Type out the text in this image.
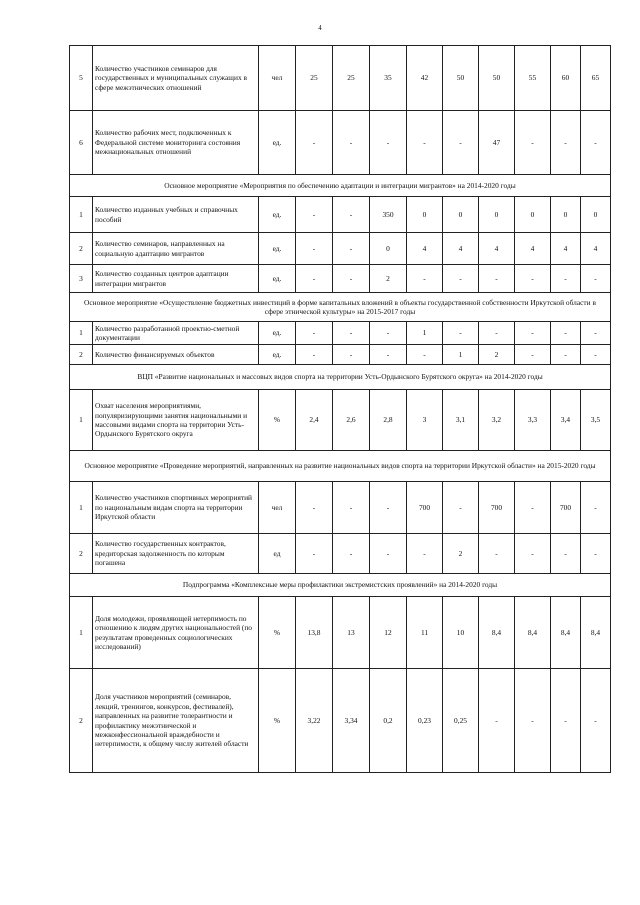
4
5	Количество участников семинаров для государственных и муниципальных служащих в сфере межэтнических отношений	чел	25	25	35	42	50	50	55	60	65
6	Количество рабочих мест, подключенных к Федеральной системе мониторинга состояния межнациональных отношений	ед.	-	-	-	-	-	47	-	-	-
Основное мероприятие «Мероприятия по обеспечению адаптации и интеграции мигрантов» на 2014-2020 годы											
1	Количество изданных учебных и справочных пособий	ед.	-	-	350	0	0	0	0	0	0
2	Количество семинаров, направленных на социальную адаптацию мигрантов	ед.	-	-	0	4	4	4	4	4	4
3	Количество созданных центров адаптации интеграции мигрантов	ед.	-	-	2	-	-	-	-	-	-
Основное мероприятие «Осуществление бюджетных инвестиций в форме капитальных вложений в объекты государственной собственности Иркутской области в сфере этнической культуры» на 2015-2017 годы											
1	Количество разработанной проектно-сметной документации	ед.	-	-	-	1	-	-	-	-	-
2	Количество финансируемых объектов	ед.	-	-	-	-	1	2	-	-	-
ВЦП «Развитие национальных и массовых видов спорта на территории Усть-Ордынского Бурятского округа» на 2014-2020 годы											
1	Охват населения мероприятиями, популяризирующими занятия национальными и массовыми видами спорта на территории Усть-Ордынского Бурятского округа	%	2,4	2,6	2,8	3	3,1	3,2	3,3	3,4	3,5
Основное мероприятие «Проведение мероприятий, направленных на развитие национальных видов спорта на территории Иркутской области» на 2015-2020 годы											
1	Количество участников спортивных мероприятий по национальным видам спорта на территории Иркутской области	чел	-	-	-	700	-	700	-	700	-
2	Количество государственных контрактов, кредиторская задолженность по которым погашена	ед	-	-	-	-	2	-	-	-	-
Подпрограмма «Комплексные меры профилактики экстремистских проявлений» на 2014-2020 годы											
1	Доля молодежи, проявляющей нетерпимость по отношению к людям других национальностей (по результатам проведенных социологических исследований)	%	13,8	13	12	11	10	8,4	8,4	8,4	8,4
2	Доля участников мероприятий (семинаров, лекций, тренингов, конкурсов, фестивалей), направленных на развитие толерантности и профилактику межэтнической и межконфессиональной враждебности и нетерпимости, к общему числу жителей области	%	3,22	3,34	0,2	0,23	0,25	-	-	-	-
